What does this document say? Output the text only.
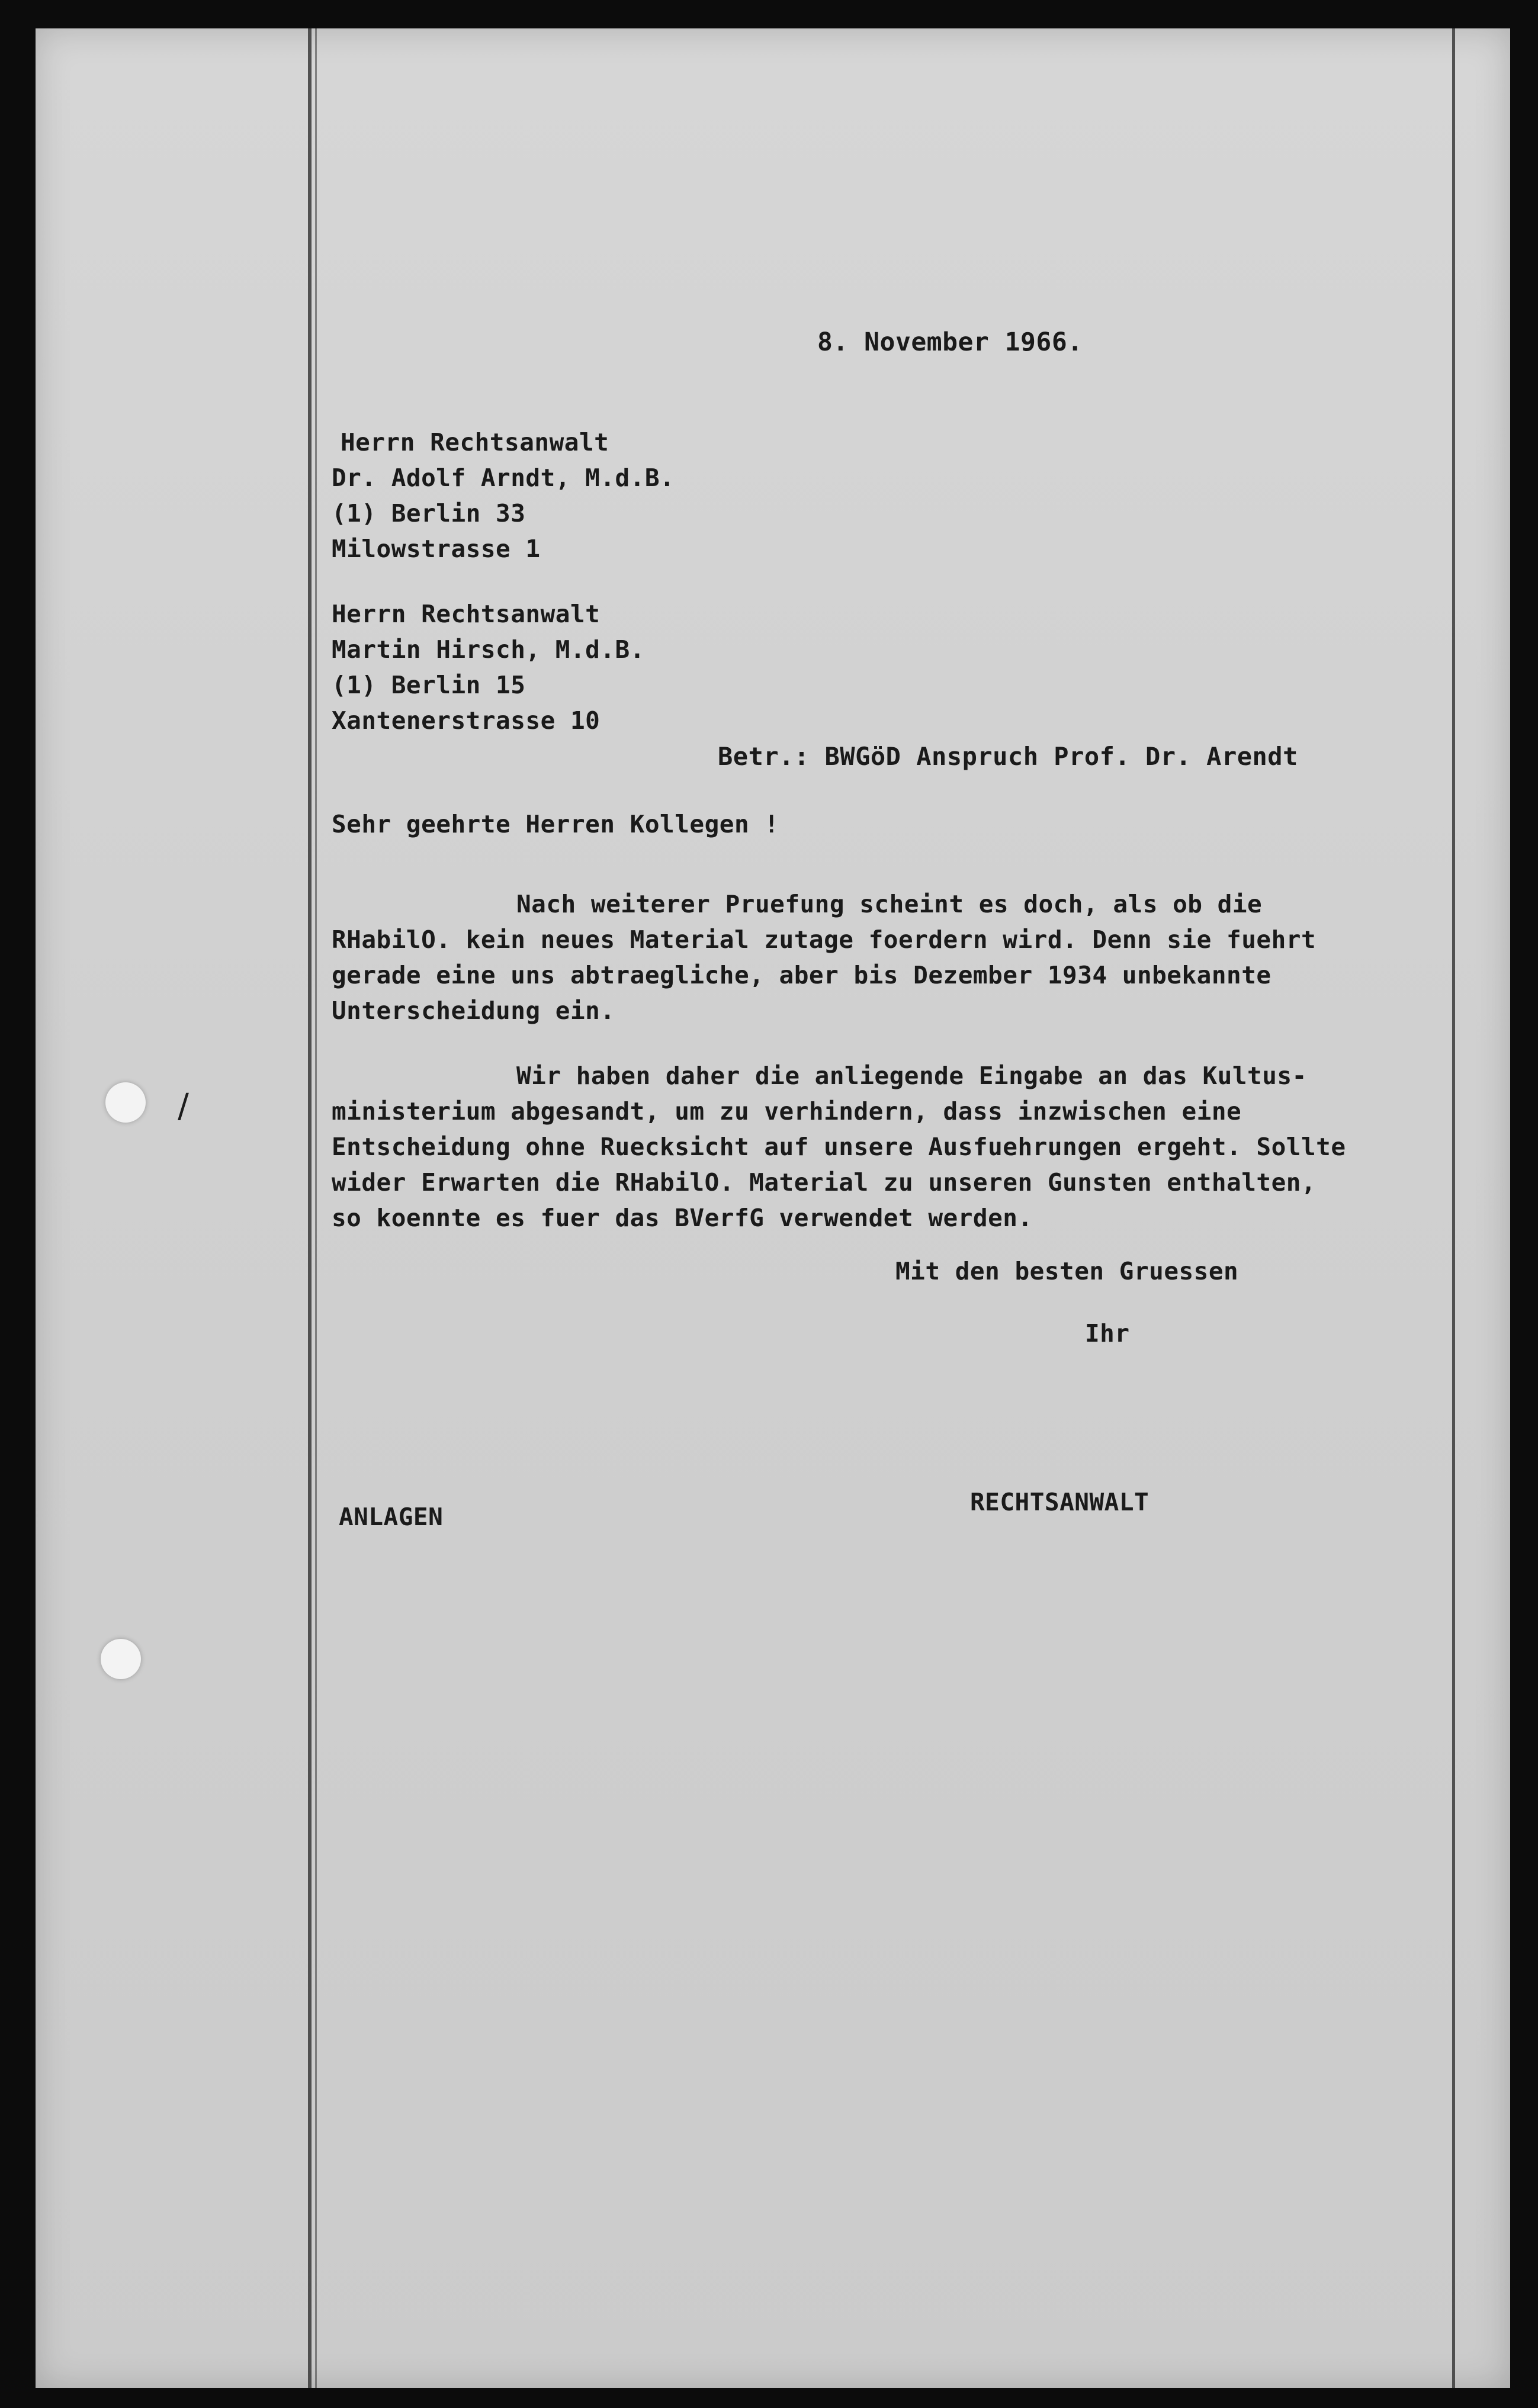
/
8. November 1966.
Herrn Rechtsanwalt
Dr. Adolf Arndt, M.d.B.
(1) Berlin 33
Milowstrasse 1
Herrn Rechtsanwalt
Martin Hirsch, M.d.B.
(1) Berlin 15
Xantenerstrasse 10
Betr.: BWGöD Anspruch Prof. Dr. Arendt
Sehr geehrte Herren Kollegen !
Nach weiterer Pruefung scheint es doch, als ob die
RHabilO. kein neues Material zutage foerdern wird. Denn sie fuehrt
gerade eine uns abtraegliche, aber bis Dezember 1934 unbekannte
Unterscheidung ein.
Wir haben daher die anliegende Eingabe an das Kultus-
ministerium abgesandt, um zu verhindern, dass inzwischen eine
Entscheidung ohne Ruecksicht auf unsere Ausfuehrungen ergeht. Sollte
wider Erwarten die RHabilO. Material zu unseren Gunsten enthalten,
so koennte es fuer das BVerfG verwendet werden.
Mit den besten Gruessen
Ihr
ANLAGEN
RECHTSANWALT
